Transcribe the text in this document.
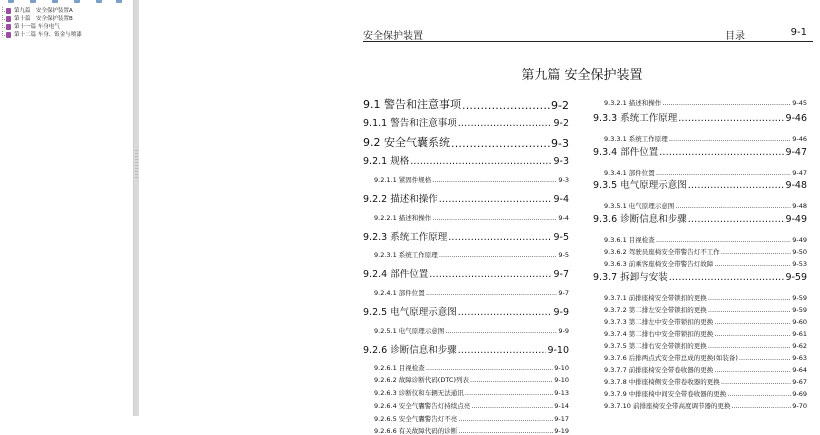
第九篇　安全保护装置A
第十篇　安全保护装置B
第十一篇 车身电气
第十二篇 车身、钣金与喷漆	安全保护装置	目录	9-1
第九篇 安全保护装置
9.1 警告和注意事项 .....	9-2
9.1.1 警告和注意事项 .....	9-2
9.2 安全气囊系统 .....	9-3
9.2.1 规格 .....	9-3
9.2.1.1 紧固件规格 .....	9-3
9.2.2 描述和操作 .....	9-4
9.2.2.1 描述和操作 .....	9-4
9.2.3 系统工作原理 .....	9-5
9.2.3.1 系统工作原理 .....	9-5
9.2.4 部件位置 .....	9-7
9.2.4.1 部件位置 .....	9-7
9.2.5 电气原理示意图 .....	9-9
9.2.5.1 电气原理示意图 .....	9-9
9.2.6 诊断信息和步骤 .....	9-10
9.2.6.1 目视检查 .....	9-10
9.2.6.2 故障诊断代码(DTC)列表 .....	9-10
9.2.6.3 诊断仪和车辆无法通讯 .....	9-13
9.2.6.4 安全气囊警告灯持续点亮 .....	9-14
9.2.6.5 安全气囊警告灯不亮 .....	9-17
9.2.6.6 有关故障代码的诊断 .....	9-19
9.3.2.1 描述和操作 .....	9-45
9.3.3 系统工作原理 .....	9-46
9.3.3.1 系统工作原理 .....	9-46
9.3.4 部件位置 .....	9-47
9.3.4.1 部件位置 .....	9-47
9.3.5 电气原理示意图 .....	9-48
9.3.5.1 电气原理示意图 .....	9-48
9.3.6 诊断信息和步骤 .....	9-49
9.3.6.1 目视检查 .....	9-49
9.3.6.2 驾驶员座椅安全带警告灯不工作 .....	9-50
9.3.6.3 前乘客座椅安全带警告灯故障 .....	9-53
9.3.7 拆卸与安装 .....	9-59
9.3.7.1 前排座椅安全带锁扣的更换 .....	9-59
9.3.7.2 第二排左安全带锁扣的更换 .....	9-59
9.3.7.3 第二排左中安全带锁扣的更换 .....	9-60
9.3.7.4 第二排右中安全带锁扣的更换 .....	9-61
9.3.7.5 第二排右安全带锁扣的更换 .....	9-62
9.3.7.6 后排两点式安全带总成的更换(如装备) .....	9-63
9.3.7.7 前排座椅安全带卷收器的更换 .....	9-64
9.3.7.8 中排座椅侧安全带卷收器的更换 .....	9-67
9.3.7.9 中排座椅中间安全带卷收器的更换 .....	9-69
9.3.7.10 前排座椅安全带高度调节器的更换 .....	9-70
